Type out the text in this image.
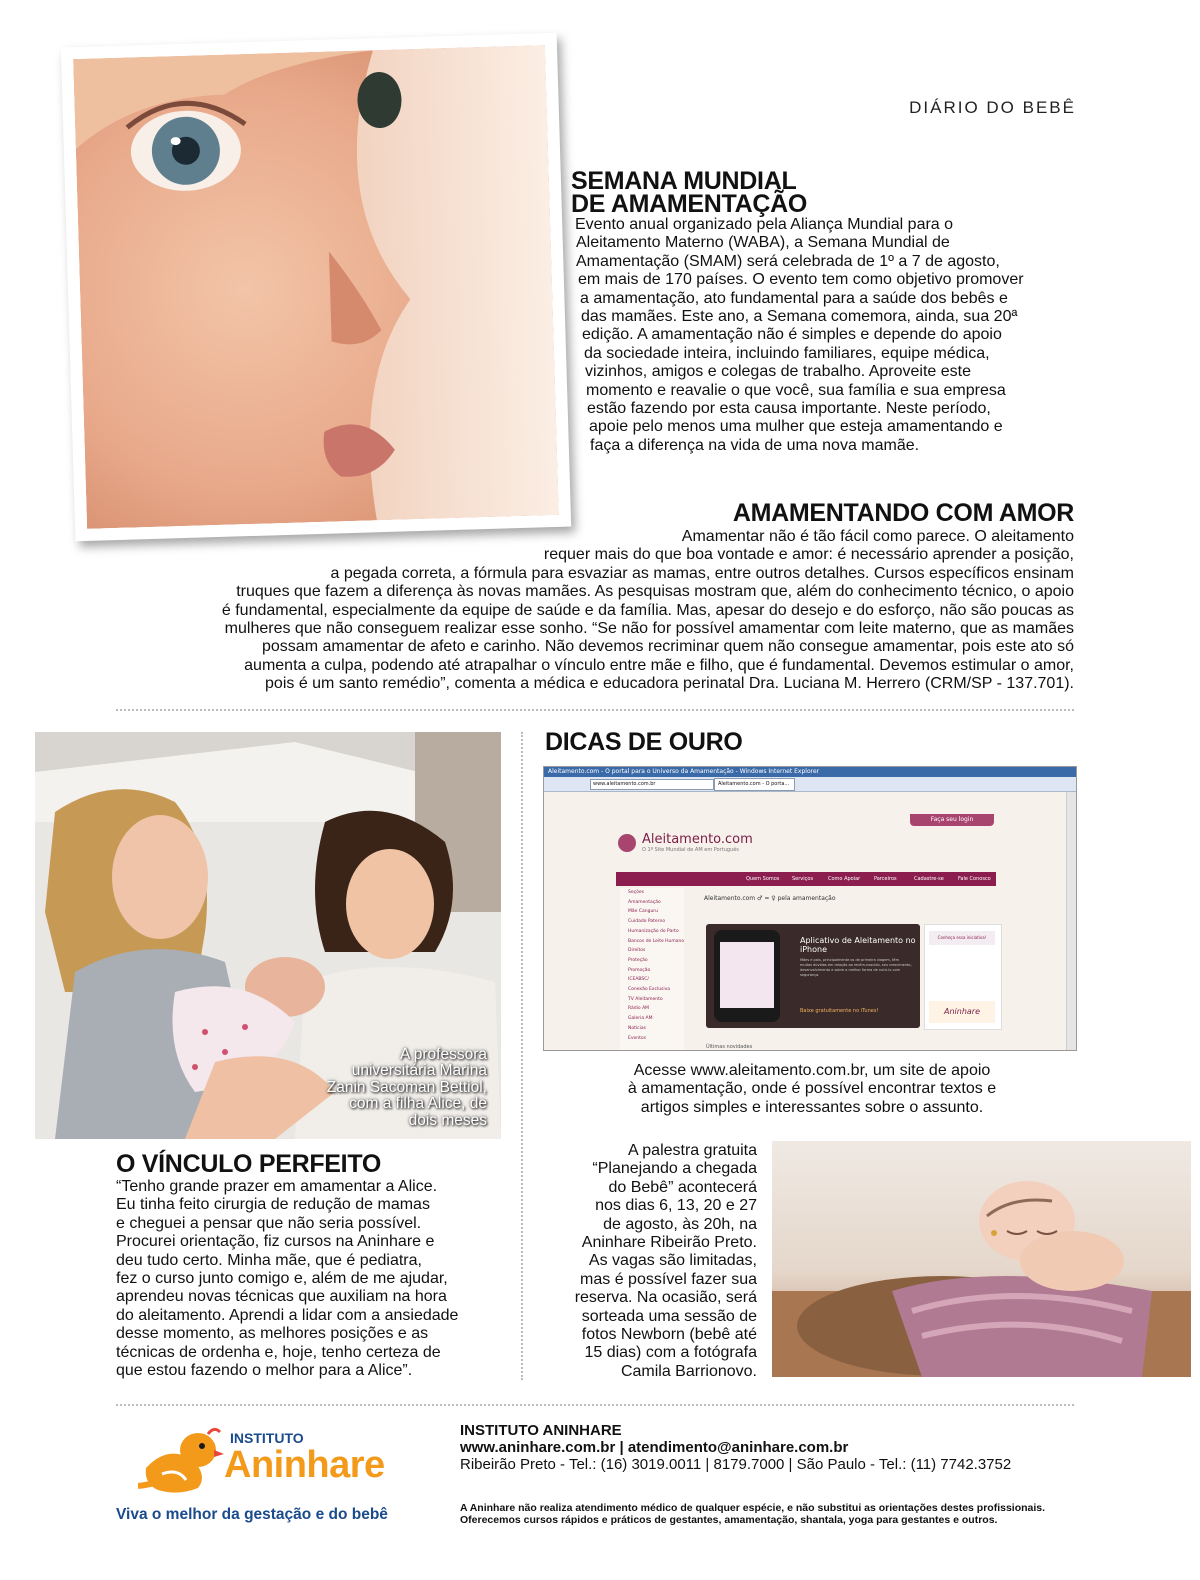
DIÁRIO DO BEBÊ
SEMANA MUNDIAL
DE AMAMENTAÇÃO
Evento anual organizado pela Aliança Mundial para o
Aleitamento Materno (WABA), a Semana Mundial de
Amamentação (SMAM) será celebrada de 1º a 7 de agosto,
em mais de 170 países. O evento tem como objetivo promover
a amamentação, ato fundamental para a saúde dos bebês e
das mamães. Este ano, a Semana comemora, ainda, sua 20ª
edição. A amamentação não é simples e depende do apoio
da sociedade inteira, incluindo familiares, equipe médica,
vizinhos, amigos e colegas de trabalho. Aproveite este
momento e reavalie o que você, sua família e sua empresa
estão fazendo por esta causa importante. Neste período,
apoie pelo menos uma mulher que esteja amamentando e
faça a diferença na vida de uma nova mamãe.
AMAMENTANDO COM AMOR
Amamentar não é tão fácil como parece. O aleitamento
requer mais do que boa vontade e amor: é necessário aprender a posição,
a pegada correta, a fórmula para esvaziar as mamas, entre outros detalhes. Cursos específicos ensinam
truques que fazem a diferença às novas mamães. As pesquisas mostram que, além do conhecimento técnico, o apoio
é fundamental, especialmente da equipe de saúde e da família. Mas, apesar do desejo e do esforço, não são poucas as
mulheres que não conseguem realizar esse sonho. “Se não for possível amamentar com leite materno, que as mamães
possam amamentar de afeto e carinho. Não devemos recriminar quem não consegue amamentar, pois este ato só
aumenta a culpa, podendo até atrapalhar o vínculo entre mãe e filho, que é fundamental. Devemos estimular o amor,
pois é um santo remédio”, comenta a médica e educadora perinatal Dra. Luciana M. Herrero (CRM/SP - 137.701).
A professora
universitária Marina
Zanin Sacoman Bettiol,
com a filha Alice, de
dois meses
O VÍNCULO PERFEITO
“Tenho grande prazer em amamentar a Alice.
Eu tinha feito cirurgia de redução de mamas
e cheguei a pensar que não seria possível.
Procurei orientação, fiz cursos na Aninhare e
deu tudo certo. Minha mãe, que é pediatra,
fez o curso junto comigo e, além de me ajudar,
aprendeu novas técnicas que auxiliam na hora
do aleitamento. Aprendi a lidar com a ansiedade
desse momento, as melhores posições e as
técnicas de ordenha e, hoje, tenho certeza de
que estou fazendo o melhor para a Alice”.
DICAS DE OURO
Aleitamento.com - O portal para o Universo da Amamentação - Windows Internet Explorer
www.aleitamento.com.br	Aleitamento.com - O porta...
Faça seu login
Aleitamento.com
O 1º Site Mundial de AM em Português
Quem Somos	Serviços	Como Apoiar	Parceiros	Cadastre-se	Fale Conosco
Seções
Amamentação
Mãe Canguru
Cuidado Paterno
Humanização do Parto
Bancos de Leite Humano
Direitos
Proteção
Promoção
ICEABSC/
Conexão Exclusiva
TV Aleitamento
Rádio AM
Galeria AM
Notícias
Eventos
Aleitamento.com ♂ = ♀ pela amamentação
Aplicativo de Aleitamento no iPhone
Mães e pais, principalmente os de primeira viagem, têm muitas dúvidas em relação ao recém-nascido, seu crescimento, desenvolvimento e sobre a melhor forma de nutri-lo com segurança.
Baixe gratuitamente no iTunes!
Conheça essa iniciativa!
Aninhare
Últimas novidades
Acesse www.aleitamento.com.br, um site de apoio
à amamentação, onde é possível encontrar textos e
artigos simples e interessantes sobre o assunto.
A palestra gratuita
“Planejando a chegada
do Bebê” acontecerá
nos dias 6, 13, 20 e 27
de agosto, às 20h, na
Aninhare Ribeirão Preto.
As vagas são limitadas,
mas é possível fazer sua
reserva. Na ocasião, será
sorteada uma sessão de
fotos Newborn (bebê até
15 dias) com a fotógrafa
Camila Barrionovo.
INSTITUTO
Aninhare
Viva o melhor da gestação e do bebê
INSTITUTO ANINHARE
www.aninhare.com.br | atendimento@aninhare.com.br
Ribeirão Preto - Tel.: (16) 3019.0011 | 8179.7000 | São Paulo - Tel.: (11) 7742.3752
A Aninhare não realiza atendimento médico de qualquer espécie, e não substitui as orientações destes profissionais.
Oferecemos cursos rápidos e práticos de gestantes, amamentação, shantala, yoga para gestantes e outros.
